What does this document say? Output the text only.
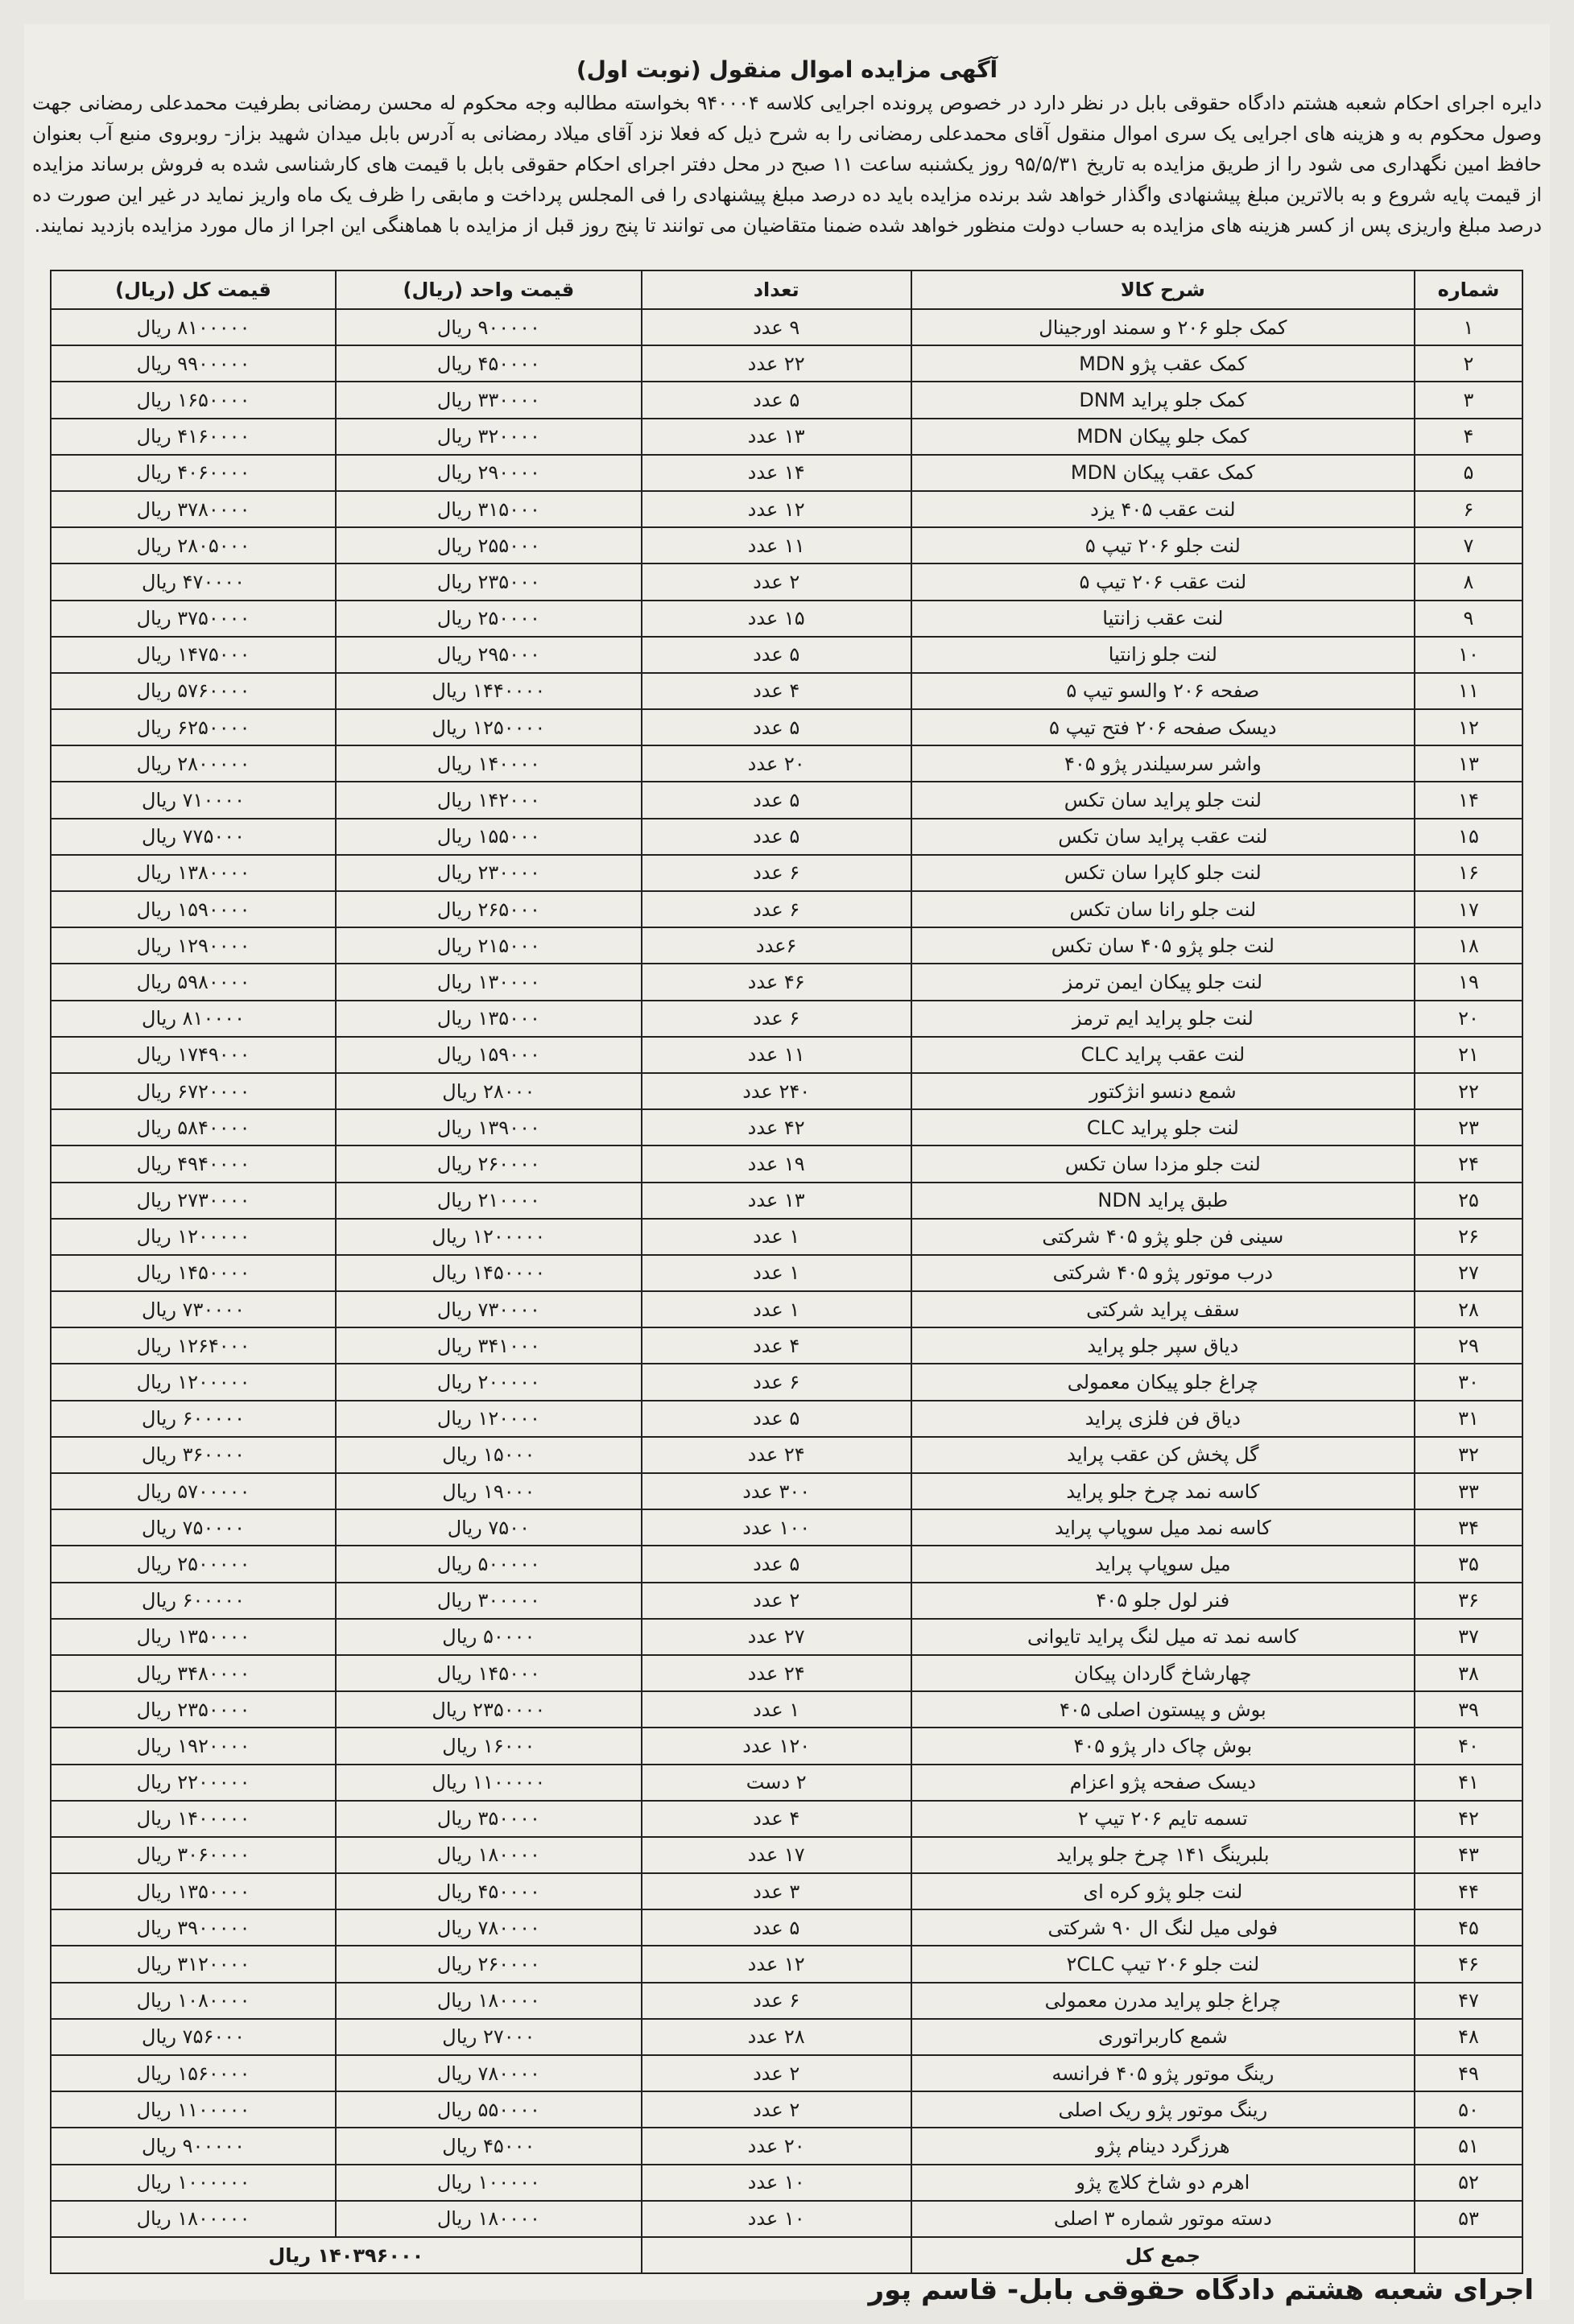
آگهی مزایده اموال منقول (نوبت اول)
دایره اجرای احکام شعبه هشتم دادگاه حقوقی بابل در نظر دارد در خصوص پرونده اجرایی کلاسه ۹۴۰۰۰۴ بخواسته مطالبه وجه محکوم له محسن رمضانی بطرفیت محمدعلی رمضانی جهت وصول محکوم به و هزینه های اجرایی یک سری اموال منقول آقای محمدعلی رمضانی را به شرح ذیل که فعلا نزد آقای میلاد رمضانی به آدرس بابل میدان شهید بزاز- روبروی منبع آب بعنوان حافظ امین نگهداری می شود را از طریق مزایده به تاریخ ۹۵/۵/۳۱ روز یکشنبه ساعت ۱۱ صبح در محل دفتر اجرای احکام حقوقی بابل با قیمت های کارشناسی شده به فروش برساند مزایده از قیمت پایه شروع و به بالاترین مبلغ پیشنهادی واگذار خواهد شد برنده مزایده باید ده درصد مبلغ پیشنهادی را فی المجلس پرداخت و مابقی را ظرف یک ماه واریز نماید در غیر این صورت ده درصد مبلغ واریزی پس از کسر هزینه های مزایده به حساب دولت منظور خواهد شده ضمنا متقاضیان می توانند تا پنج روز قبل از مزایده با هماهنگی این اجرا از مال مورد مزایده بازدید نمایند.
شماره	شرح کالا	تعداد	قیمت واحد (ریال)	قیمت کل (ریال)
۱	کمک جلو ۲۰۶ و سمند اورجینال	۹ عدد	۹۰۰۰۰۰ ریال	۸۱۰۰۰۰۰ ریال
۲	کمک عقب پژو MDN	۲۲ عدد	۴۵۰۰۰۰ ریال	۹۹۰۰۰۰۰ ریال
۳	کمک جلو پراید DNM	۵ عدد	۳۳۰۰۰۰ ریال	۱۶۵۰۰۰۰ ریال
۴	کمک جلو پیکان MDN	۱۳ عدد	۳۲۰۰۰۰ ریال	۴۱۶۰۰۰۰ ریال
۵	کمک عقب پیکان MDN	۱۴ عدد	۲۹۰۰۰۰ ریال	۴۰۶۰۰۰۰ ریال
۶	لنت عقب ۴۰۵ یزد	۱۲ عدد	۳۱۵۰۰۰ ریال	۳۷۸۰۰۰۰ ریال
۷	لنت جلو ۲۰۶ تیپ ۵	۱۱ عدد	۲۵۵۰۰۰ ریال	۲۸۰۵۰۰۰ ریال
۸	لنت عقب ۲۰۶ تیپ ۵	۲ عدد	۲۳۵۰۰۰ ریال	۴۷۰۰۰۰ ریال
۹	لنت عقب زانتیا	۱۵ عدد	۲۵۰۰۰۰ ریال	۳۷۵۰۰۰۰ ریال
۱۰	لنت جلو زانتیا	۵ عدد	۲۹۵۰۰۰ ریال	۱۴۷۵۰۰۰ ریال
۱۱	صفحه ۲۰۶ والسو تیپ ۵	۴ عدد	۱۴۴۰۰۰۰ ریال	۵۷۶۰۰۰۰ ریال
۱۲	دیسک صفحه ۲۰۶ فتح تیپ ۵	۵ عدد	۱۲۵۰۰۰۰ ریال	۶۲۵۰۰۰۰ ریال
۱۳	واشر سرسیلندر پژو ۴۰۵	۲۰ عدد	۱۴۰۰۰۰ ریال	۲۸۰۰۰۰۰ ریال
۱۴	لنت جلو پراید سان تکس	۵ عدد	۱۴۲۰۰۰ ریال	۷۱۰۰۰۰ ریال
۱۵	لنت عقب پراید سان تکس	۵ عدد	۱۵۵۰۰۰ ریال	۷۷۵۰۰۰ ریال
۱۶	لنت جلو کاپرا سان تکس	۶ عدد	۲۳۰۰۰۰ ریال	۱۳۸۰۰۰۰ ریال
۱۷	لنت جلو رانا سان تکس	۶ عدد	۲۶۵۰۰۰ ریال	۱۵۹۰۰۰۰ ریال
۱۸	لنت جلو پژو ۴۰۵ سان تکس	۶عدد	۲۱۵۰۰۰ ریال	۱۲۹۰۰۰۰ ریال
۱۹	لنت جلو پیکان ایمن ترمز	۴۶ عدد	۱۳۰۰۰۰ ریال	۵۹۸۰۰۰۰ ریال
۲۰	لنت جلو پراید ایم ترمز	۶ عدد	۱۳۵۰۰۰ ریال	۸۱۰۰۰۰ ریال
۲۱	لنت عقب پراید CLC	۱۱ عدد	۱۵۹۰۰۰ ریال	۱۷۴۹۰۰۰ ریال
۲۲	شمع دنسو انژکتور	۲۴۰ عدد	۲۸۰۰۰ ریال	۶۷۲۰۰۰۰ ریال
۲۳	لنت جلو پراید CLC	۴۲ عدد	۱۳۹۰۰۰ ریال	۵۸۴۰۰۰۰ ریال
۲۴	لنت جلو مزدا سان تکس	۱۹ عدد	۲۶۰۰۰۰ ریال	۴۹۴۰۰۰۰ ریال
۲۵	طبق پراید NDN	۱۳ عدد	۲۱۰۰۰۰ ریال	۲۷۳۰۰۰۰ ریال
۲۶	سینی فن جلو پژو ۴۰۵ شرکتی	۱ عدد	۱۲۰۰۰۰۰ ریال	۱۲۰۰۰۰۰ ریال
۲۷	درب موتور پژو ۴۰۵ شرکتی	۱ عدد	۱۴۵۰۰۰۰ ریال	۱۴۵۰۰۰۰ ریال
۲۸	سقف پراید شرکتی	۱ عدد	۷۳۰۰۰۰ ریال	۷۳۰۰۰۰ ریال
۲۹	دیاق سپر جلو پراید	۴ عدد	۳۴۱۰۰۰ ریال	۱۲۶۴۰۰۰ ریال
۳۰	چراغ جلو پیکان معمولی	۶ عدد	۲۰۰۰۰۰ ریال	۱۲۰۰۰۰۰ ریال
۳۱	دیاق فن فلزی پراید	۵ عدد	۱۲۰۰۰۰ ریال	۶۰۰۰۰۰ ریال
۳۲	گل پخش کن عقب پراید	۲۴ عدد	۱۵۰۰۰ ریال	۳۶۰۰۰۰ ریال
۳۳	کاسه نمد چرخ جلو پراید	۳۰۰ عدد	۱۹۰۰۰ ریال	۵۷۰۰۰۰۰ ریال
۳۴	کاسه نمد میل سوپاپ پراید	۱۰۰ عدد	۷۵۰۰ ریال	۷۵۰۰۰۰ ریال
۳۵	میل سوپاپ پراید	۵ عدد	۵۰۰۰۰۰ ریال	۲۵۰۰۰۰۰ ریال
۳۶	فنر لول جلو ۴۰۵	۲ عدد	۳۰۰۰۰۰ ریال	۶۰۰۰۰۰ ریال
۳۷	کاسه نمد ته میل لنگ پراید تایوانی	۲۷ عدد	۵۰۰۰۰ ریال	۱۳۵۰۰۰۰ ریال
۳۸	چهارشاخ گاردان پیکان	۲۴ عدد	۱۴۵۰۰۰ ریال	۳۴۸۰۰۰۰ ریال
۳۹	بوش و پیستون اصلی ۴۰۵	۱ عدد	۲۳۵۰۰۰۰ ریال	۲۳۵۰۰۰۰ ریال
۴۰	بوش چاک دار پژو ۴۰۵	۱۲۰ عدد	۱۶۰۰۰ ریال	۱۹۲۰۰۰۰ ریال
۴۱	دیسک صفحه پژو اعزام	۲ دست	۱۱۰۰۰۰۰ ریال	۲۲۰۰۰۰۰ ریال
۴۲	تسمه تایم ۲۰۶ تیپ ۲	۴ عدد	۳۵۰۰۰۰ ریال	۱۴۰۰۰۰۰ ریال
۴۳	بلبرینگ ۱۴۱ چرخ جلو پراید	۱۷ عدد	۱۸۰۰۰۰ ریال	۳۰۶۰۰۰۰ ریال
۴۴	لنت جلو پژو کره ای	۳ عدد	۴۵۰۰۰۰ ریال	۱۳۵۰۰۰۰ ریال
۴۵	فولی میل لنگ ال ۹۰ شرکتی	۵ عدد	۷۸۰۰۰۰ ریال	۳۹۰۰۰۰۰ ریال
۴۶	لنت جلو ۲۰۶ تیپ ۲CLC	۱۲ عدد	۲۶۰۰۰۰ ریال	۳۱۲۰۰۰۰ ریال
۴۷	چراغ جلو پراید مدرن معمولی	۶ عدد	۱۸۰۰۰۰ ریال	۱۰۸۰۰۰۰ ریال
۴۸	شمع کاربراتوری	۲۸ عدد	۲۷۰۰۰ ریال	۷۵۶۰۰۰ ریال
۴۹	رینگ موتور پژو ۴۰۵ فرانسه	۲ عدد	۷۸۰۰۰۰ ریال	۱۵۶۰۰۰۰ ریال
۵۰	رینگ موتور پژو ریک اصلی	۲ عدد	۵۵۰۰۰۰ ریال	۱۱۰۰۰۰۰ ریال
۵۱	هرزگرد دینام پژو	۲۰ عدد	۴۵۰۰۰ ریال	۹۰۰۰۰۰ ریال
۵۲	اهرم دو شاخ کلاچ پژو	۱۰ عدد	۱۰۰۰۰۰ ریال	۱۰۰۰۰۰۰ ریال
۵۳	دسته موتور شماره ۳ اصلی	۱۰ عدد	۱۸۰۰۰۰ ریال	۱۸۰۰۰۰۰ ریال
	جمع کل		۱۴۰۳۹۶۰۰۰ ریال	
اجرای شعبه هشتم دادگاه حقوقی بابل- قاسم پور
